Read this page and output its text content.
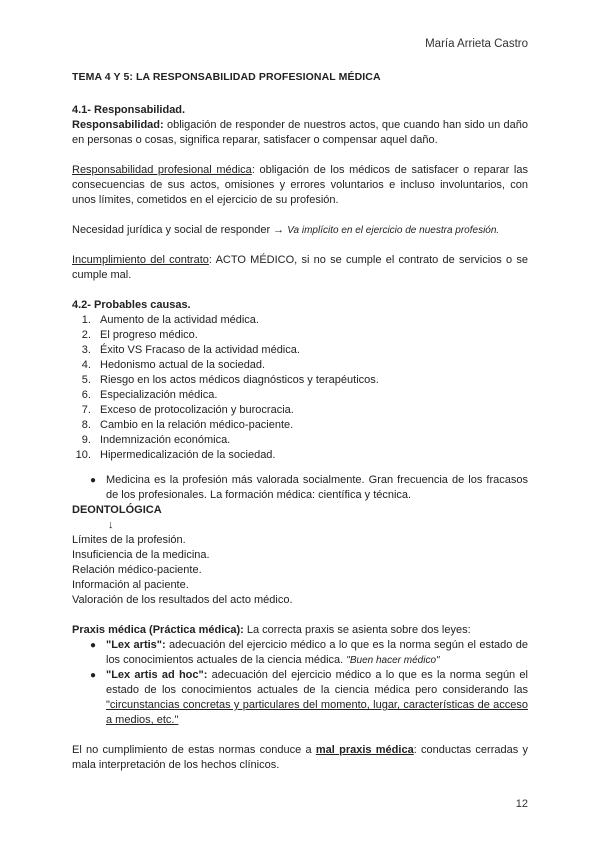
María Arrieta Castro

TEMA 4 Y 5: LA RESPONSABILIDAD PROFESIONAL MÉDICA

4.1- Responsabilidad.

Responsabilidad: obligación de responder de nuestros actos, que cuando han sido un daño en personas o cosas, significa reparar, satisfacer o compensar aquel daño.

Responsabilidad profesional médica: obligación de los médicos de satisfacer o reparar las consecuencias de sus actos, omisiones y errores voluntarios e incluso involuntarios, con unos límites, cometidos en el ejercicio de su profesión.

Necesidad jurídica y social de responder → Va implícito en el ejercicio de nuestra profesión.

Incumplimiento del contrato: ACTO MÉDICO, si no se cumple el contrato de servicios o se cumple mal.

4.2- Probables causas.

1. Aumento de la actividad médica.
2. El progreso médico.
3. Éxito VS Fracaso de la actividad médica.
4. Hedonismo actual de la sociedad.
5. Riesgo en los actos médicos diagnósticos y terapéuticos.
6. Especialización médica.
7. Exceso de protocolización y burocracia.
8. Cambio en la relación médico-paciente.
9. Indemnización económica.
10. Hipermedicalización de la sociedad.
● Medicina es la profesión más valorada socialmente. Gran frecuencia de los fracasos de los profesionales. La formación médica: científica y técnica.

DEONTOLÓGICA

↓

Límites de la profesión.

Insuficiencia de la medicina.

Relación médico-paciente.

Información al paciente.

Valoración de los resultados del acto médico.

Praxis médica (Práctica médica): La correcta praxis se asienta sobre dos leyes:

● "Lex artis": adecuación del ejercicio médico a lo que es la norma según el estado de los conocimientos actuales de la ciencia médica. "Buen hacer médico"
● "Lex artis ad hoc": adecuación del ejercicio médico a lo que es la norma según el estado de los conocimientos actuales de la ciencia médica pero considerando las "circunstancias concretas y particulares del momento, lugar, características de acceso a medios, etc."

El no cumplimiento de estas normas conduce a mal praxis médica: conductas cerradas y mala interpretación de los hechos clínicos.

12
